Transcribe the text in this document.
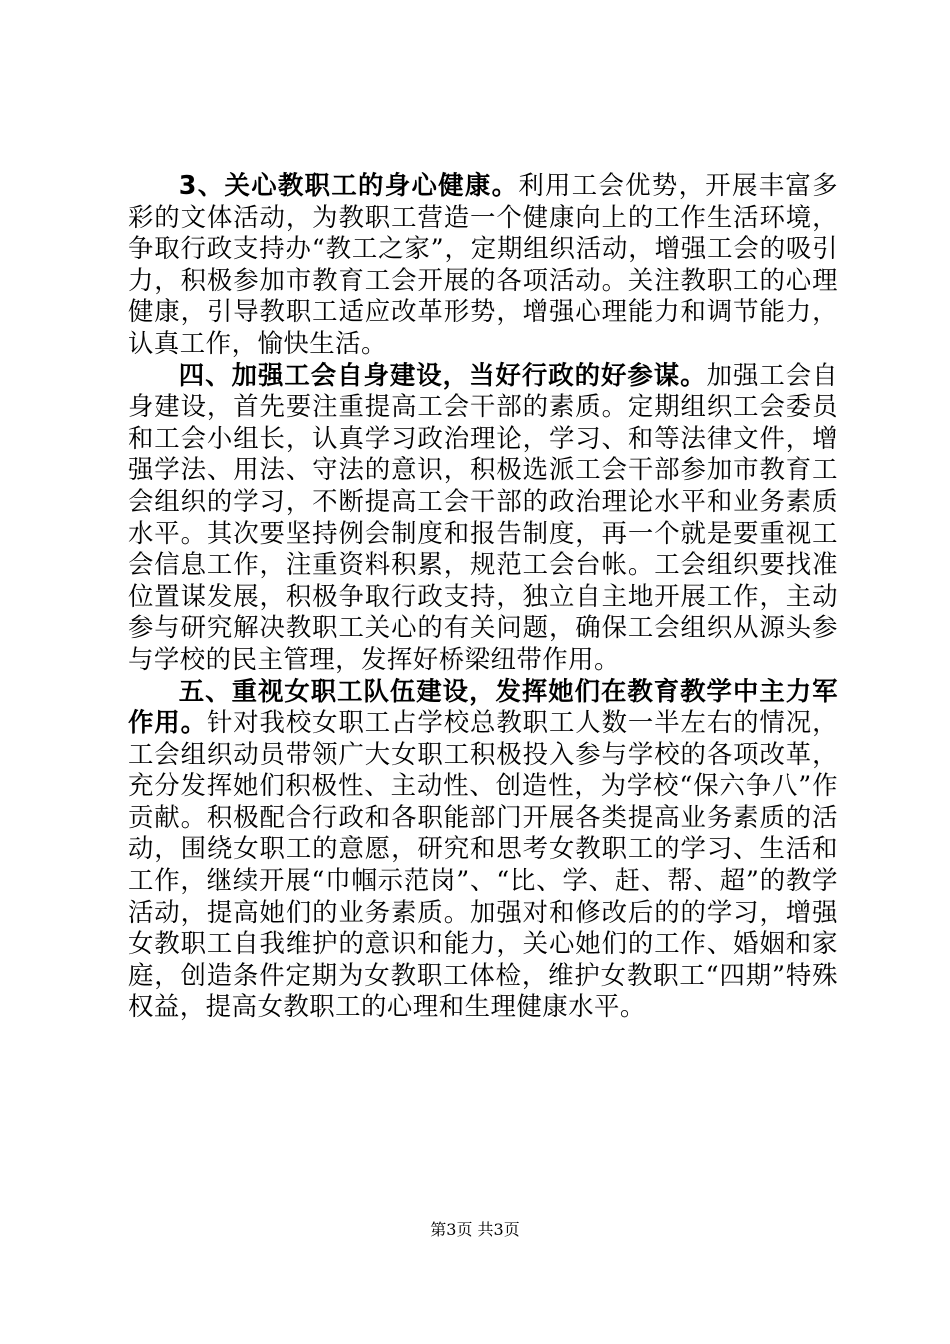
3、关心教职工的身心健康。利用工会优势，开展丰富多彩的文体活动，为教职工营造一个健康向上的工作生活环境，争取行政支持办“教工之家”，定期组织活动，增强工会的吸引力，积极参加市教育工会开展的各项活动。关注教职工的心理健康，引导教职工适应改革形势，增强心理能力和调节能力，认真工作，愉快生活。

四、加强工会自身建设，当好行政的好参谋。加强工会自身建设，首先要注重提高工会干部的素质。定期组织工会委员和工会小组长，认真学习政治理论，学习、和等法律文件，增强学法、用法、守法的意识，积极选派工会干部参加市教育工会组织的学习，不断提高工会干部的政治理论水平和业务素质水平。其次要坚持例会制度和报告制度，再一个就是要重视工会信息工作，注重资料积累，规范工会台帐。工会组织要找准位置谋发展，积极争取行政支持，独立自主地开展工作，主动参与研究解决教职工关心的有关问题，确保工会组织从源头参与学校的民主管理，发挥好桥梁纽带作用。

五、重视女职工队伍建设，发挥她们在教育教学中主力军作用。针对我校女职工占学校总教职工人数一半左右的情况，工会组织动员带领广大女职工积极投入参与学校的各项改革，充分发挥她们积极性、主动性、创造性，为学校“保六争八”作贡献。积极配合行政和各职能部门开展各类提高业务素质的活动，围绕女职工的意愿，研究和思考女教职工的学习、生活和工作，继续开展“巾帼示范岗”、“比、学、赶、帮、超”的教学活动，提高她们的业务素质。加强对和修改后的的学习，增强女教职工自我维护的意识和能力，关心她们的工作、婚姻和家庭，创造条件定期为女教职工体检，维护女教职工“四期”特殊权益，提高女教职工的心理和生理健康水平。

第3页 共3页
